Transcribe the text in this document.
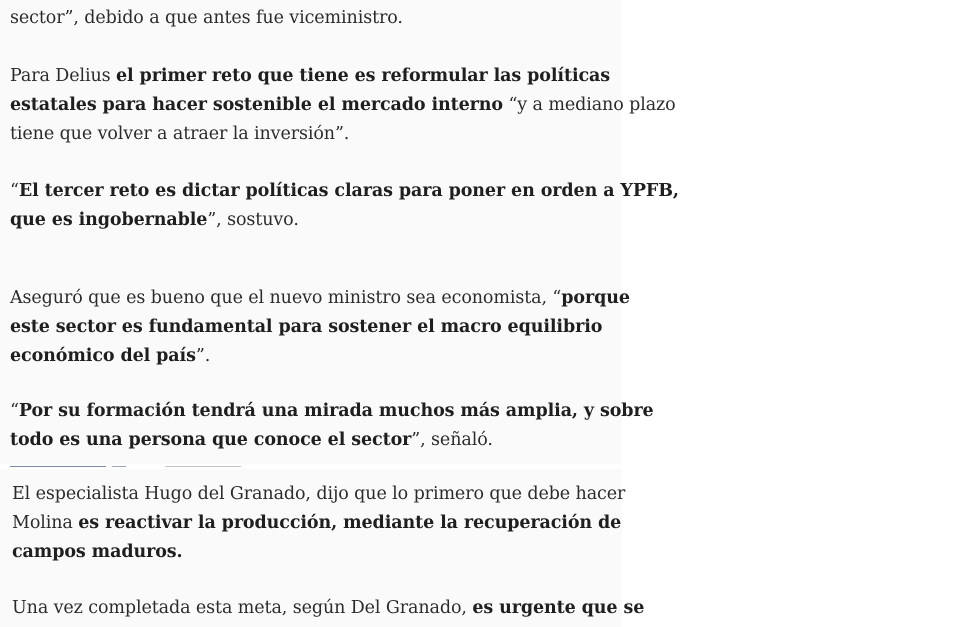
sector”, debido a que antes fue viceministro.

Para Delius el primer reto que tiene es reformular las políticas
estatales para hacer sostenible el mercado interno “y a mediano plazo
tiene que volver a atraer la inversión”.

“El tercer reto es dictar políticas claras para poner en orden a YPFB,
que es ingobernable”, sostuvo.

Aseguró que es bueno que el nuevo ministro sea economista, “porque
este sector es fundamental para sostener el macro equilibrio
económico del país”.

“Por su formación tendrá una mirada muchos más amplia, y sobre
todo es una persona que conoce el sector”, señaló.

El especialista Hugo del Granado, dijo que lo primero que debe hacer
Molina es reactivar la producción, mediante la recuperación de
campos maduros.

Una vez completada esta meta, según Del Granado, es urgente que se
